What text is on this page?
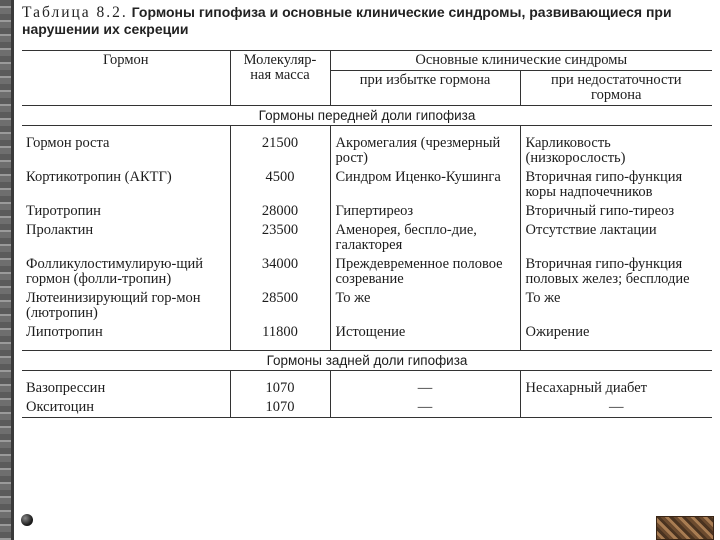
Таблица 8.2. Гормоны гипофиза и основные клинические синдромы, развивающиеся при нарушении их секреции
Гормон	Молекуляр-ная масса	Основные клинические синдромы	
		при избытке гормона	при недостаточности гормона
Гормоны передней доли гипофиза			

Гормон роста	21500	Акромегалия (чрезмерный рост)	Карликовость (низкорослость)
Кортикотропин (АКТГ)	4500	Синдром Иценко-Кушинга	Вторичная гипо-функция коры надпочечников
Тиротропин	28000	Гипертиреоз	Вторичный гипо-тиреоз
Пролактин	23500	Аменорея, беспло-дие, галакторея	Отсутствие лактации
Фолликулостимулирую-щий гормон (фолли-тропин)	34000	Преждевременное половое созревание	Вторичная гипо-функция половых желез; бесплодие
Лютеинизирующий гор-мон (лютропин)	28500	То же	То же
Липотропин	11800	Истощение	Ожирение

Гормоны задней доли гипофиза			

Вазопрессин	1070	—	Несахарный диабет
Окситоцин	1070	—	—
